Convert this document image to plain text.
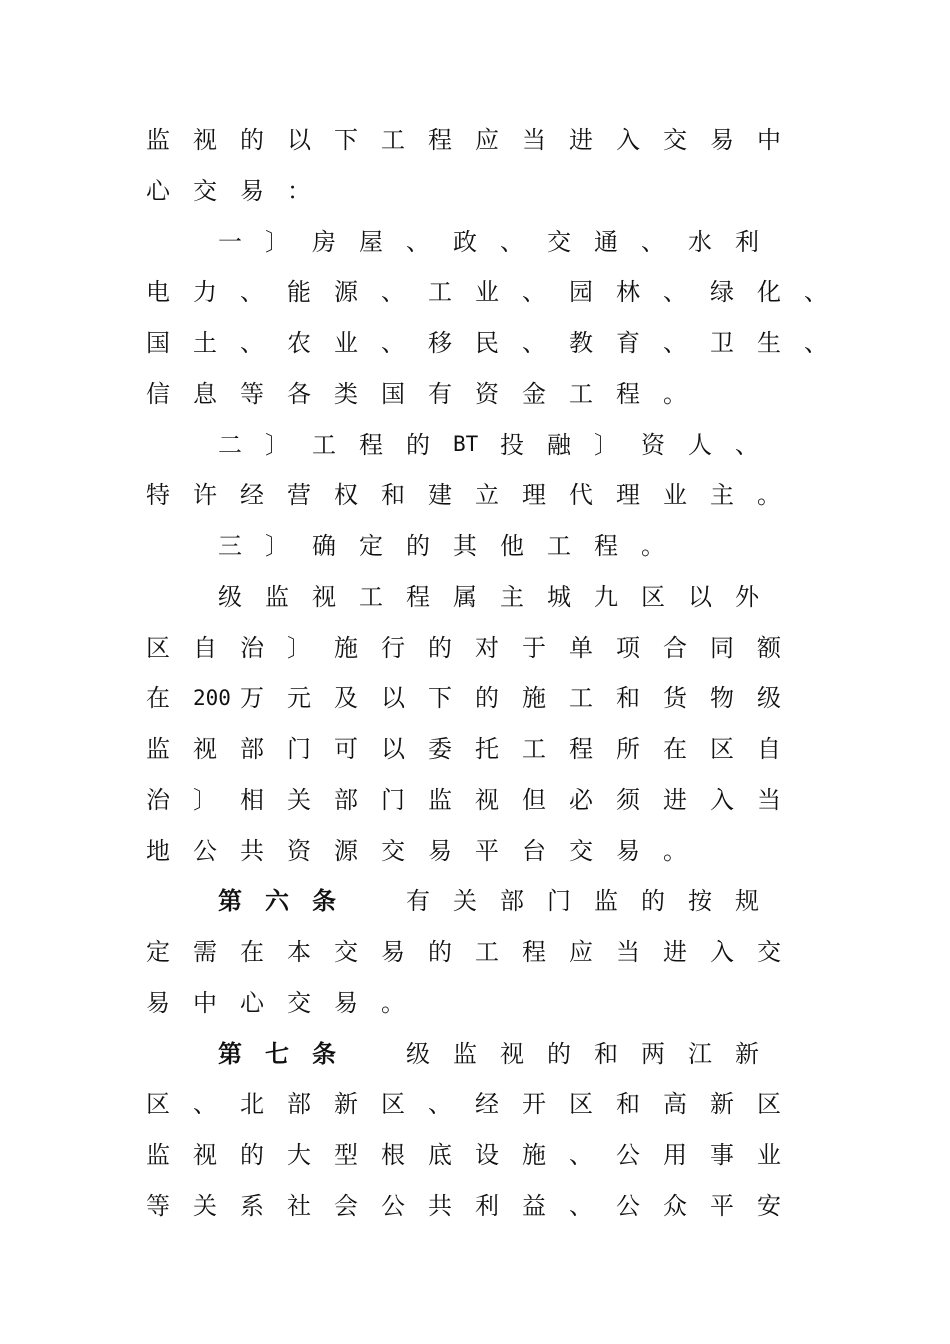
监 视 的 以 下 工 程 应 当 进 入 交 易 中
心 交 易 ：
一 〕 房 屋 、 政 、 交 通 、 水 利
电 力 、 能 源 、 工 业 、 园 林 、 绿 化 、
国 土 、 农 业 、 移 民 、 教 育 、 卫 生 、
信 息 等 各 类 国 有 资 金 工 程 。
二 〕 工 程 的	BT 投 融 〕 资 人 、
特 许 经 营 权 和 建 立 理 代 理 业 主 。
三 〕 确 定 的 其 他 工 程 。
级 监 视 工 程 属 主 城 九 区 以 外
区 自 治 〕 施 行 的 对 于 单 项 合 同 额
在	200 万 元 及 以 下 的 施 工 和 货 物 级
监 视 部 门 可 以 委 托 工 程 所 在 区 自
治 〕 相 关 部 门 监 视 但 必 须 进 入 当
地 公 共 资 源 交 易 平 台 交 易 。
第 六 条	有 关 部 门 监 的 按 规
定 需 在 本 交 易 的 工 程 应 当 进 入 交
易 中 心 交 易 。
第 七 条	级 监 视 的 和 两 江 新
区 、 北 部 新 区 、 经 开 区 和 高 新 区
监 视 的 大 型 根 底 设 施 、 公 用 事 业
等 关 系 社 会 公 共 利 益 、 公 众 平 安
